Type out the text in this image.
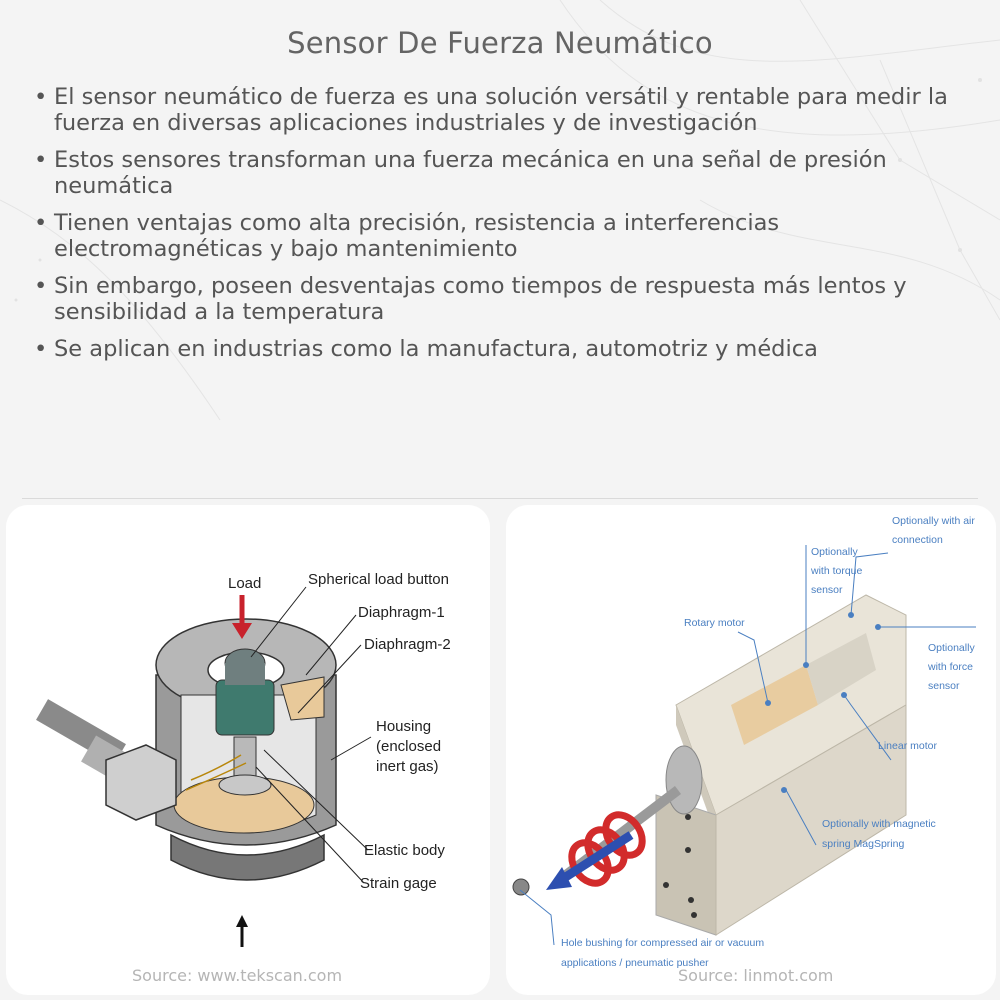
Sensor De Fuerza Neumático
• El sensor neumático de fuerza es una solución versátil y rentable para medir la fuerza en diversas aplicaciones industriales y de investigación
• Estos sensores transforman una fuerza mecánica en una señal de presión neumática
• Tienen ventajas como alta precisión, resistencia a interferencias electromagnéticas y bajo mantenimiento
• Sin embargo, poseen desventajas como tiempos de respuesta más lentos y sensibilidad a la temperatura
• Se aplican en industrias como la manufactura, automotriz y médica
Load	Spherical load button
Diaphragm-1
Diaphragm-2
Housing
(enclosed
inert gas)
Elastic body
Strain gage
Source: www.tekscan.com
Optionally with air
connection
Optionally
with torque
sensor
Rotary motor
Optionally
with force
sensor
Linear motor
Optionally with magnetic
spring MagSpring
Hole bushing for compressed air or vacuum
applications / pneumatic pusher
Source: linmot.com
